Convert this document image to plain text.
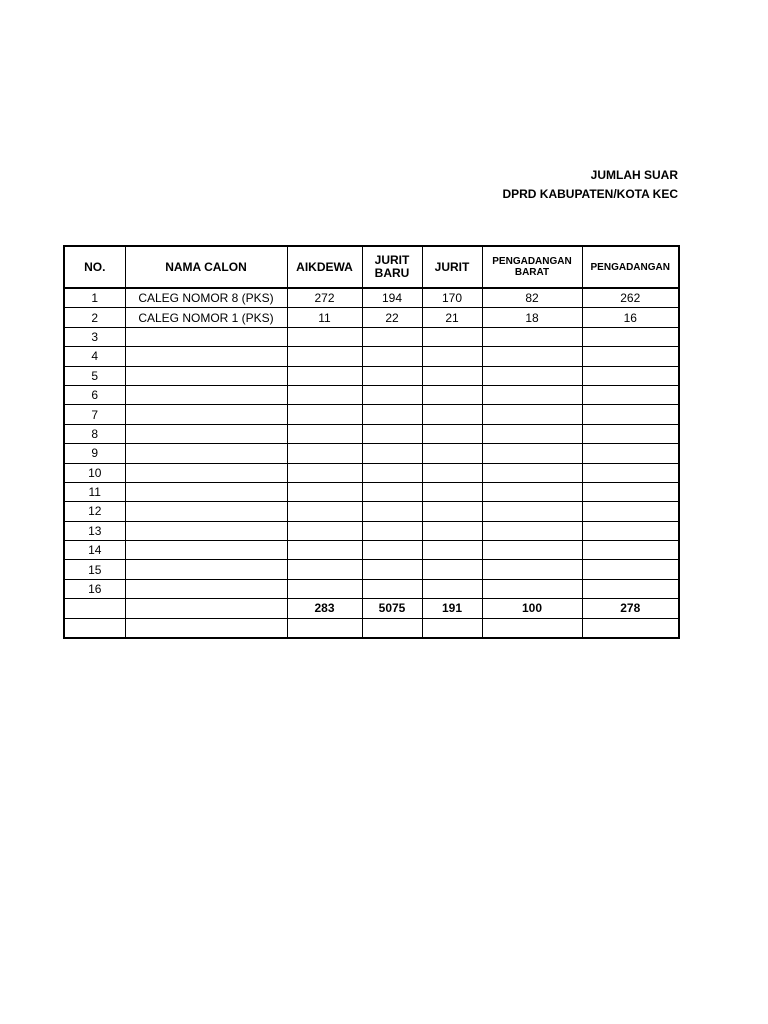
JUMLAH SUAR
DPRD KABUPATEN/KOTA KEC
NO.	NAMA CALON	AIKDEWA	JURIT BARU	JURIT	PENGADANGAN BARAT	PENGADANGAN
1	CALEG NOMOR 8 (PKS)	272	194	170	82	262
2	CALEG NOMOR 1 (PKS)	11	22	21	18	16
3						
4						
5						
6						
7						
8						
9						
10						
11						
12						
13						
14						
15						
16						
		283	5075	191	100	278
